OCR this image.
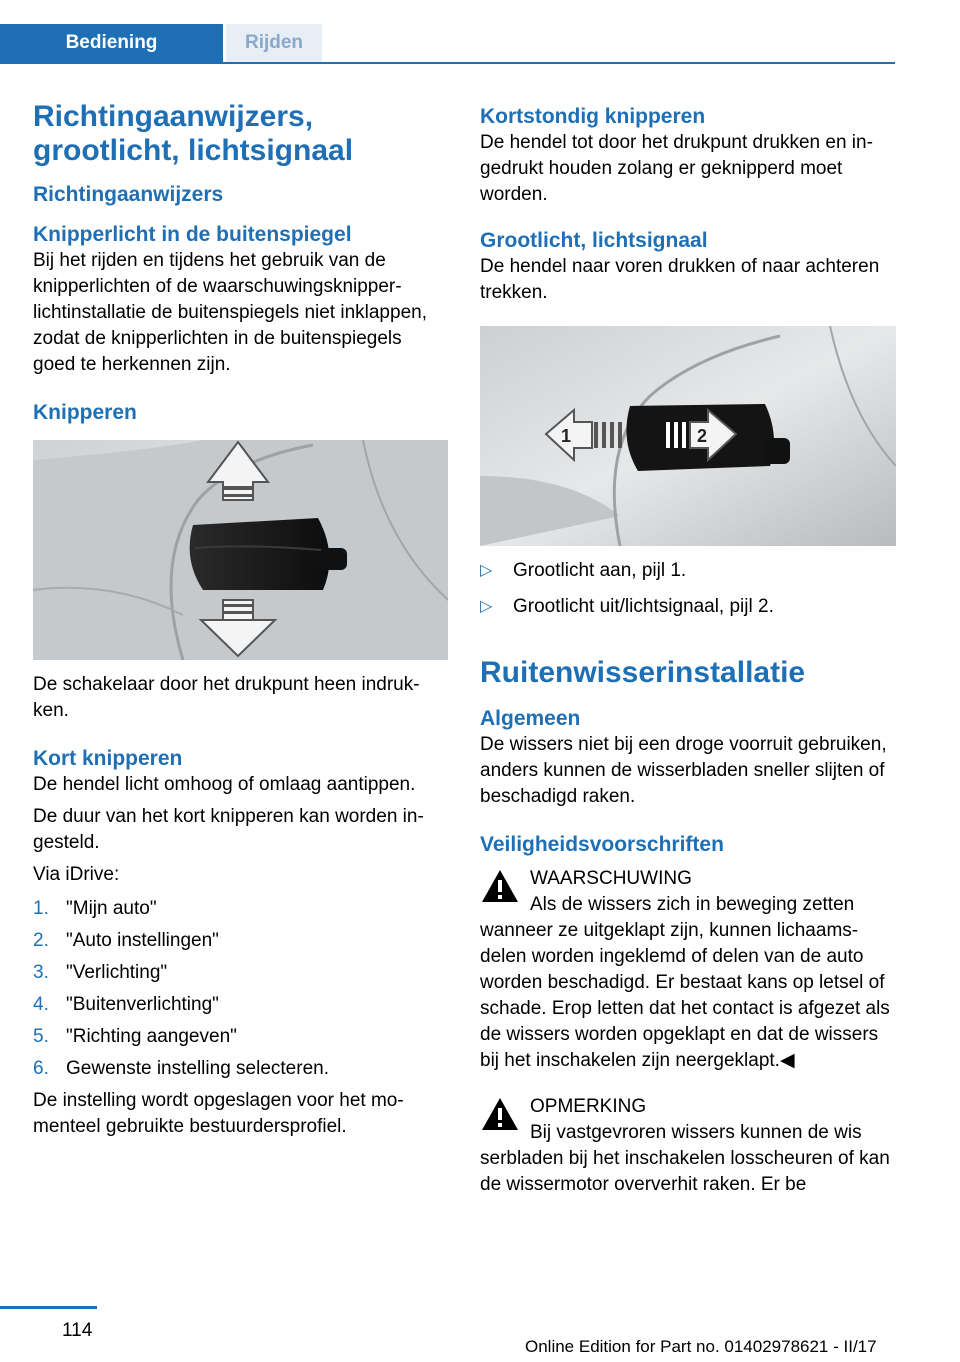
Bediening	Rijden
Richtingaanwijzers, grootlicht, lichtsignaal
Richtingaanwijzers
Knipperlicht in de buitenspiegel

Bij het rijden en tijdens het gebruik van de knipperlichten of de waarschuwingsknipperlichtinstallatie de buitenspiegels niet inklappen, zodat de knipperlichten in de buitenspiegels goed te herkennen zijn.

Knipperen

De schakelaar door het drukpunt heen indrukken.

Kort knipperen

De hendel licht omhoog of omlaag aantippen.

De duur van het kort knipperen kan worden ingesteld.

Via iDrive:

1. "Mijn auto"
2. "Auto instellingen"
3. "Verlichting"
4. "Buitenverlichting"
5. "Richting aangeven"
6. Gewenste instelling selecteren.

De instelling wordt opgeslagen voor het momenteel gebruikte bestuurdersprofiel.

Kortstondig knipperen

De hendel tot door het drukpunt drukken en ingedrukt houden zolang er geknipperd moet worden.

Grootlicht, lichtsignaal

De hendel naar voren drukken of naar achteren trekken.

1	2
▷ Grootlicht aan, pijl 1.
▷ Grootlicht uit/lichtsignaal, pijl 2.
Ruitenwisserinstallatie
Algemeen

De wissers niet bij een droge voorruit gebruiken, anders kunnen de wisserbladen sneller slijten of beschadigd raken.

Veiligheidsvoorschriften

WAARSCHUWING

Als de wissers zich in beweging zetten

wanneer ze uitgeklapt zijn, kunnen lichaamsdelen worden ingeklemd of delen van de auto worden beschadigd. Er bestaat kans op letsel of schade. Erop letten dat het contact is afgezet als de wissers worden opgeklapt en dat de wissers bij het inschakelen zijn neergeklapt.◀

OPMERKING

Bij vastgevroren wissers kunnen de wis

serbladen bij het inschakelen losscheuren of kan de wissermotor oververhit raken. Er be

114
Online Edition for Part no. 01402978621 - II/17
